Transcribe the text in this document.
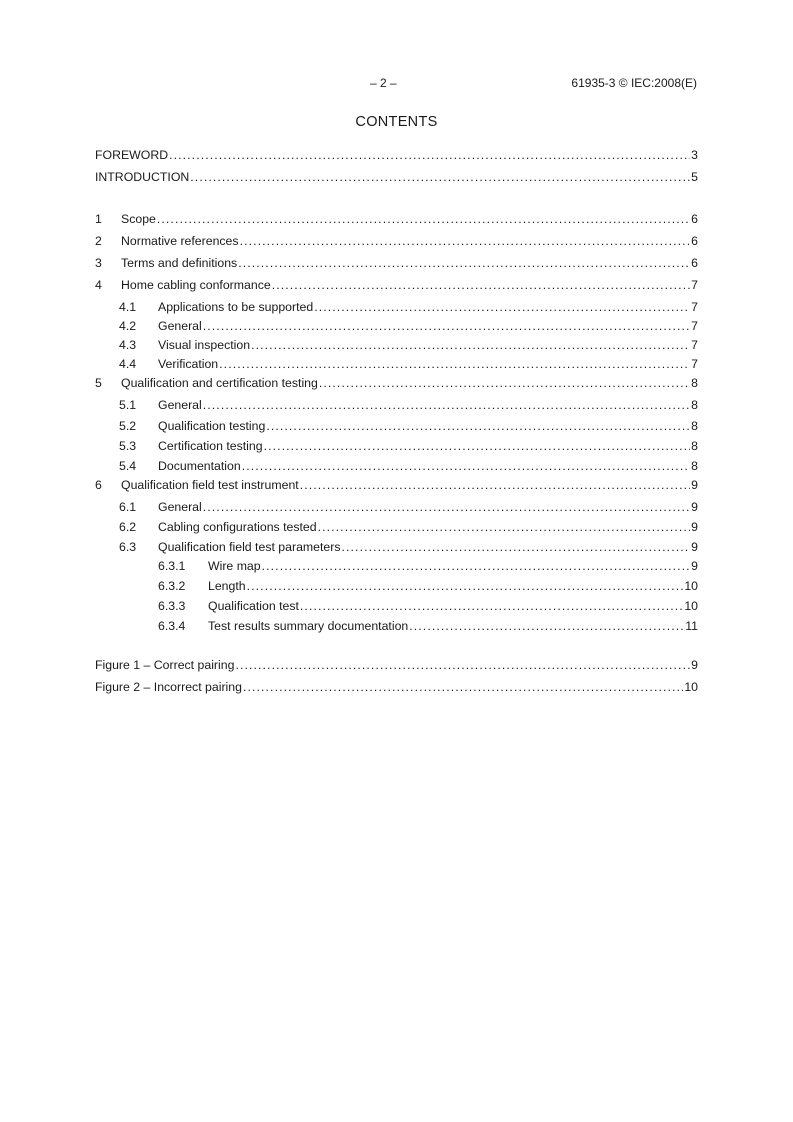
– 2 –	61935-3 © IEC:2008(E)
CONTENTS
FOREWORD .....	3
INTRODUCTION .....	5
1	Scope .....	6
2	Normative references .....	6
3	Terms and definitions .....	6
4	Home cabling conformance .....	7
4.1	Applications to be supported .....	7
4.2	General .....	7
4.3	Visual inspection .....	7
4.4	Verification .....	7
5	Qualification and certification testing .....	8
5.1	General .....	8
5.2	Qualification testing .....	8
5.3	Certification testing .....	8
5.4	Documentation .....	8
6	Qualification field test instrument .....	9
6.1	General .....	9
6.2	Cabling configurations tested .....	9
6.3	Qualification field test parameters .....	9
6.3.1	Wire map .....	9
6.3.2	Length .....	10
6.3.3	Qualification test .....	10
6.3.4	Test results summary documentation .....	11
Figure 1 – Correct pairing .....	9
Figure 2 – Incorrect pairing .....	10
